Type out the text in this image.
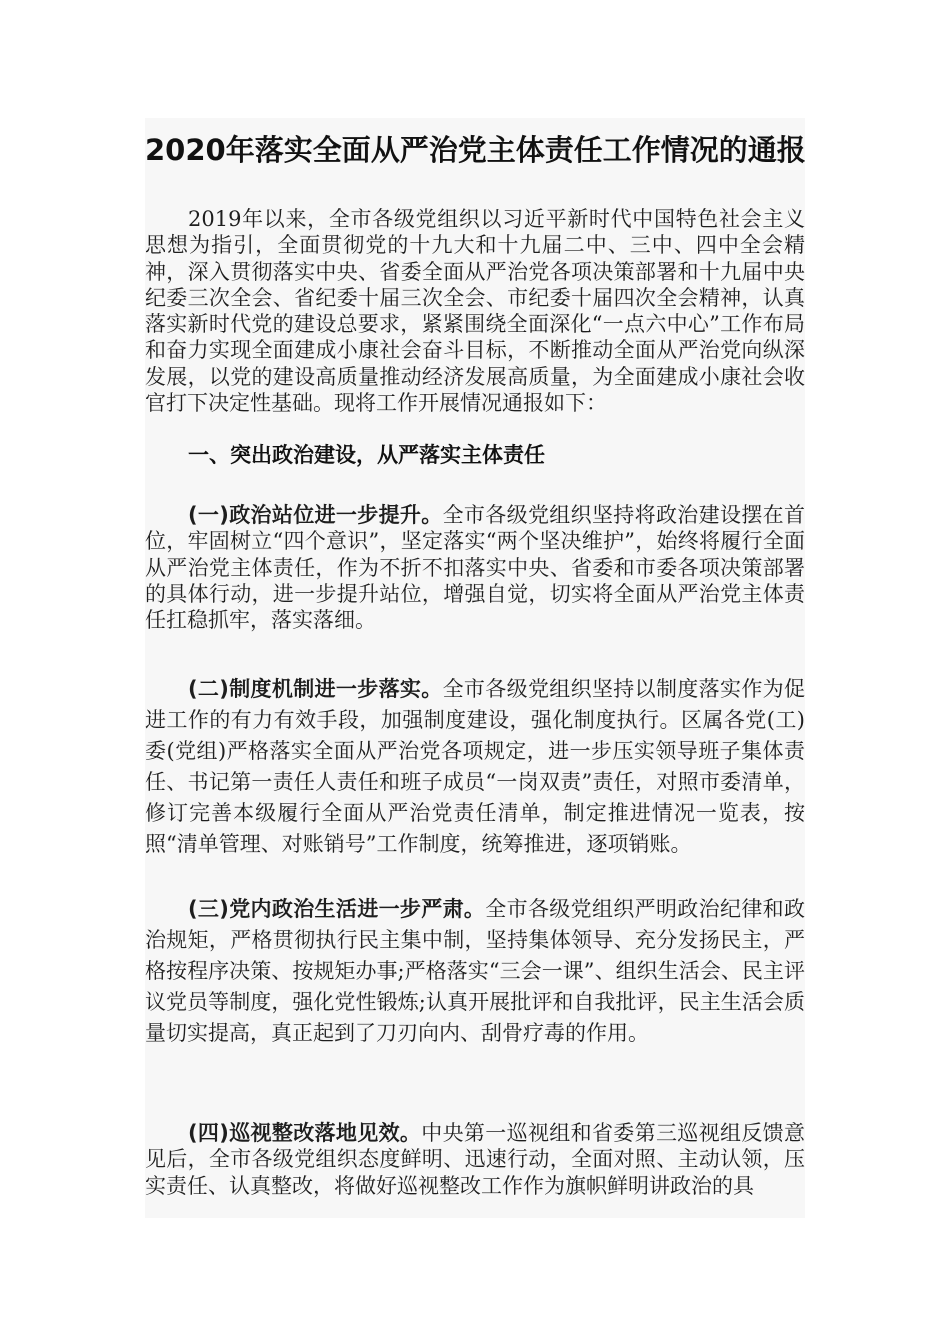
2020年落实全面从严治党主体责任工作情况的通报

2019年以来，全市各级党组织以习近平新时代中国特色社会主义思想为指引，全面贯彻党的十九大和十九届二中、三中、四中全会精神，深入贯彻落实中央、省委全面从严治党各项决策部署和十九届中央纪委三次全会、省纪委十届三次全会、市纪委十届四次全会精神，认真落实新时代党的建设总要求，紧紧围绕全面深化“一点六中心”工作布局和奋力实现全面建成小康社会奋斗目标，不断推动全面从严治党向纵深发展，以党的建设高质量推动经济发展高质量，为全面建成小康社会收官打下决定性基础。现将工作开展情况通报如下：

一、突出政治建设，从严落实主体责任

(一)政治站位进一步提升。全市各级党组织坚持将政治建设摆在首位，牢固树立“四个意识”，坚定落实“两个坚决维护”，始终将履行全面从严治党主体责任，作为不折不扣落实中央、省委和市委各项决策部署的具体行动，进一步提升站位，增强自觉，切实将全面从严治党主体责任扛稳抓牢，落实落细。

(二)制度机制进一步落实。全市各级党组织坚持以制度落实作为促进工作的有力有效手段，加强制度建设，强化制度执行。区属各党(工)委(党组)严格落实全面从严治党各项规定，进一步压实领导班子集体责任、书记第一责任人责任和班子成员“一岗双责”责任，对照市委清单，修订完善本级履行全面从严治党责任清单，制定推进情况一览表，按照“清单管理、对账销号”工作制度，统筹推进，逐项销账。

(三)党内政治生活进一步严肃。全市各级党组织严明政治纪律和政治规矩，严格贯彻执行民主集中制，坚持集体领导、充分发扬民主，严格按程序决策、按规矩办事;严格落实“三会一课”、组织生活会、民主评议党员等制度，强化党性锻炼;认真开展批评和自我批评，民主生活会质量切实提高，真正起到了刀刃向内、刮骨疗毒的作用。

(四)巡视整改落地见效。中央第一巡视组和省委第三巡视组反馈意见后，全市各级党组织态度鲜明、迅速行动，全面对照、主动认领，压实责任、认真整改，将做好巡视整改工作作为旗帜鲜明讲政治的具
